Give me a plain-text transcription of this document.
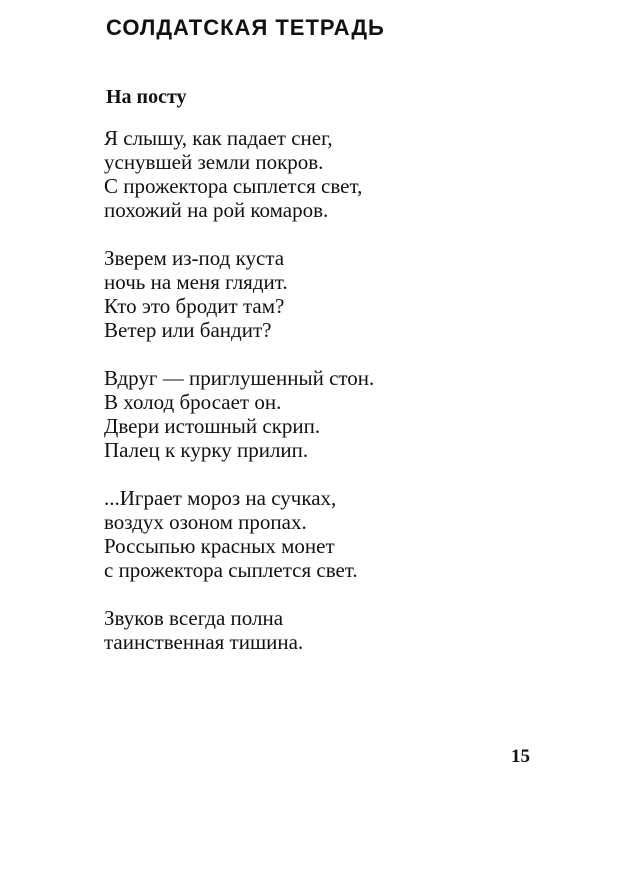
СОЛДАТСКАЯ ТЕТРАДЬ
На посту
Я слышу, как падает снег,
уснувшей земли покров.
С прожектора сыплется свет,
похожий на рой комаров.
Зверем из-под куста
ночь на меня глядит.
Кто это бродит там?
Ветер или бандит?
Вдруг — приглушенный стон.
В холод бросает он.
Двери истошный скрип.
Палец к курку прилип.
...Играет мороз на сучках,
воздух озоном пропах.
Россыпью красных монет
с прожектора сыплется свет.
Звуков всегда полна
таинственная тишина.
15
